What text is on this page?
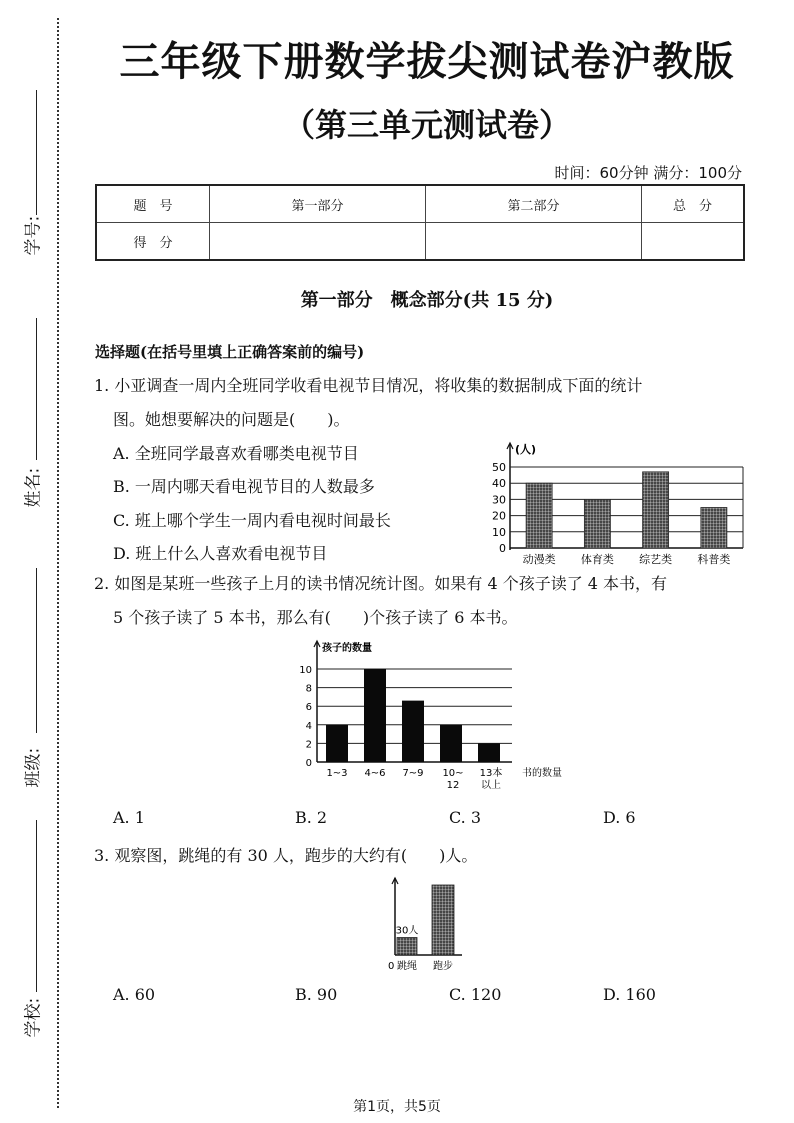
学号:
姓名:
班级:
学校:
三年级下册数学拔尖测试卷沪教版
（第三单元测试卷）
时间：60分钟 满分：100分
题　号	第一部分	第二部分	总　分
得　分			
第一部分　概念部分(共 15 分)
选择题(在括号里填上正确答案前的编号)
1. 小亚调查一周内全班同学收看电视节目情况，将收集的数据制成下面的统计
图。她想要解决的问题是(　　)。
A. 全班同学最喜欢看哪类电视节目
B. 一周内哪天看电视节目的人数最多
C. 班上哪个学生一周内看电视时间最长
D. 班上什么人喜欢看电视节目
(人)
0
10
20
30
40
50
动漫类 体育类 综艺类 科普类
2. 如图是某班一些孩子上月的读书情况统计图。如果有 4 个孩子读了 4 本书，有
5 个孩子读了 5 本书，那么有(　　)个孩子读了 6 本书。
孩子的数量
0
2
4
6
8
10
1~3 4~6 7~9 10~
12
13本
以上
书的数量
A. 1	B. 2	C. 3	D. 6
3. 观察图，跳绳的有 30 人，跑步的大约有(　　)人。
0 跳绳
30人
跑步
A. 60	B. 90	C. 120	D. 160
第1页，共5页
